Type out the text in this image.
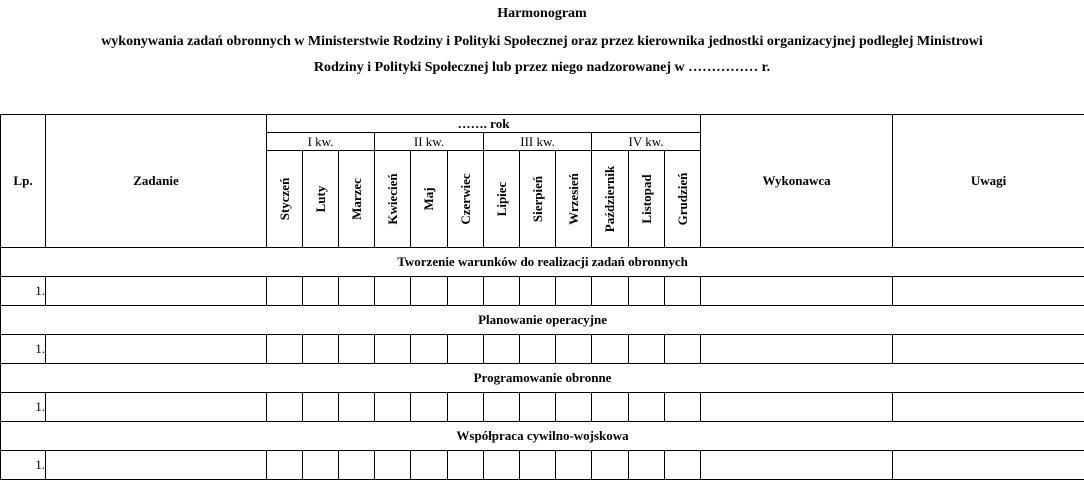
Harmonogram
wykonywania zadań obronnych w Ministerstwie Rodziny i Polityki Społecznej oraz przez kierownika jednostki organizacyjnej podległej Ministrowi
Rodziny i Polityki Społecznej lub przez niego nadzorowanej w …………… r.
Lp.	Zadanie	……. rok												Wykonawca	Uwagi
		I kw.			II kw.			III kw.			IV kw.				

		Styczeń	Luty	Marzec	Kwiecień	Maj	Czerwiec	Lipiec	Sierpień	Wrzesień	Październik	Listopad	Grudzień		

Tworzenie warunków do realizacji zadań obronnych															
1.															
Planowanie operacyjne															
1.															
Programowanie obronne															
1.															
Współpraca cywilno-wojskowa															
1.															
